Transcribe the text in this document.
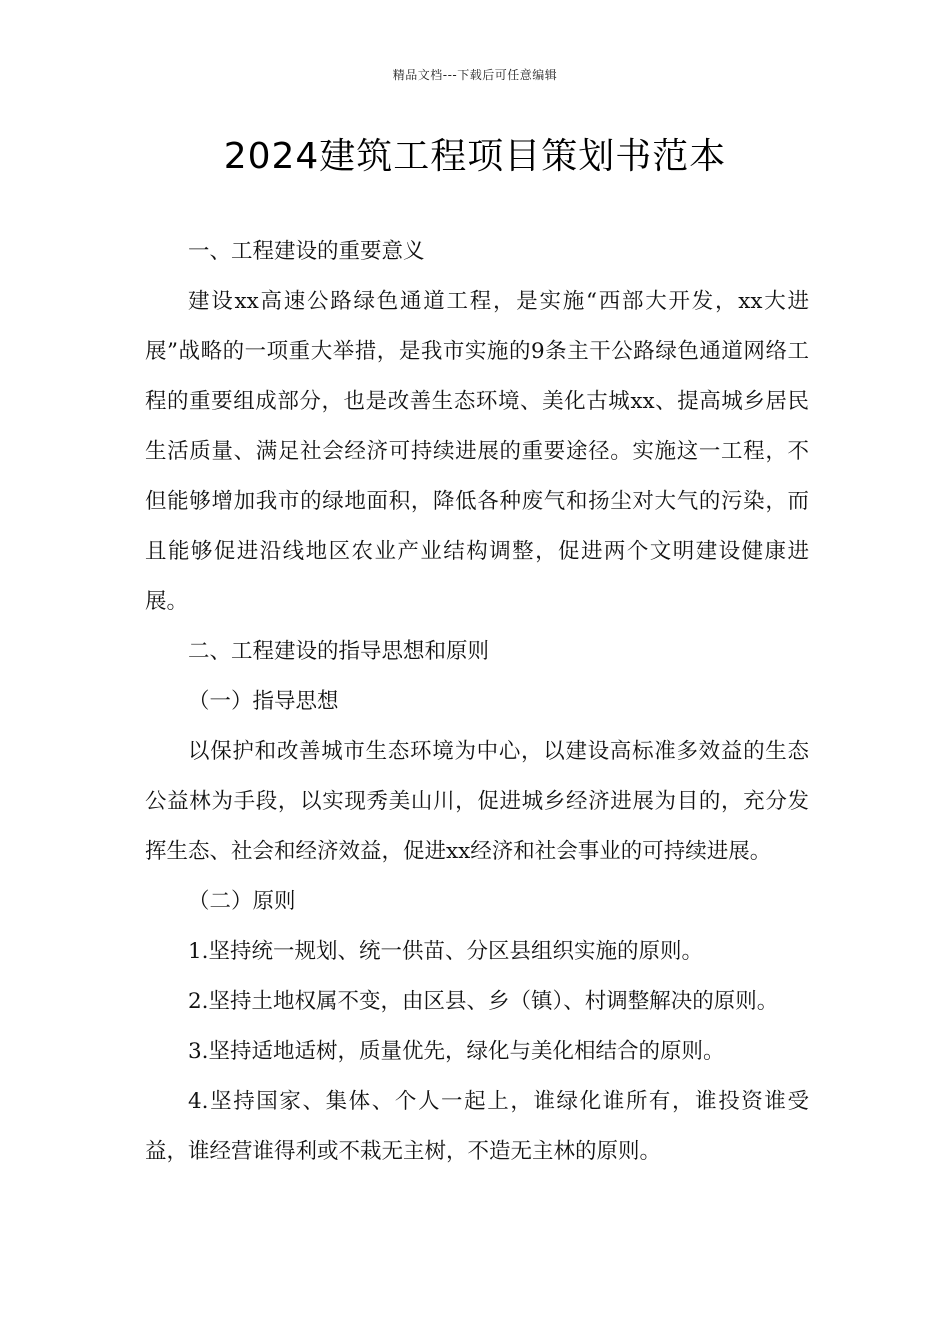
精品文档---下载后可任意编辑
2024建筑工程项目策划书范本

一、工程建设的重要意义

建设xx高速公路绿色通道工程，是实施“西部大开发，xx大进展”战略的一项重大举措，是我市实施的9条主干公路绿色通道网络工程的重要组成部分，也是改善生态环境、美化古城xx、提高城乡居民生活质量、满足社会经济可持续进展的重要途径。实施这一工程，不但能够增加我市的绿地面积，降低各种废气和扬尘对大气的污染，而且能够促进沿线地区农业产业结构调整，促进两个文明建设健康进展。

二、工程建设的指导思想和原则

（一）指导思想

以保护和改善城市生态环境为中心，以建设高标准多效益的生态公益林为手段，以实现秀美山川，促进城乡经济进展为目的，充分发挥生态、社会和经济效益，促进xx经济和社会事业的可持续进展。

（二）原则

1.坚持统一规划、统一供苗、分区县组织实施的原则。

2.坚持土地权属不变，由区县、乡（镇）、村调整解决的原则。

3.坚持适地适树，质量优先，绿化与美化相结合的原则。

4.坚持国家、集体、个人一起上，谁绿化谁所有，谁投资谁受益，谁经营谁得利或不栽无主树，不造无主林的原则。
